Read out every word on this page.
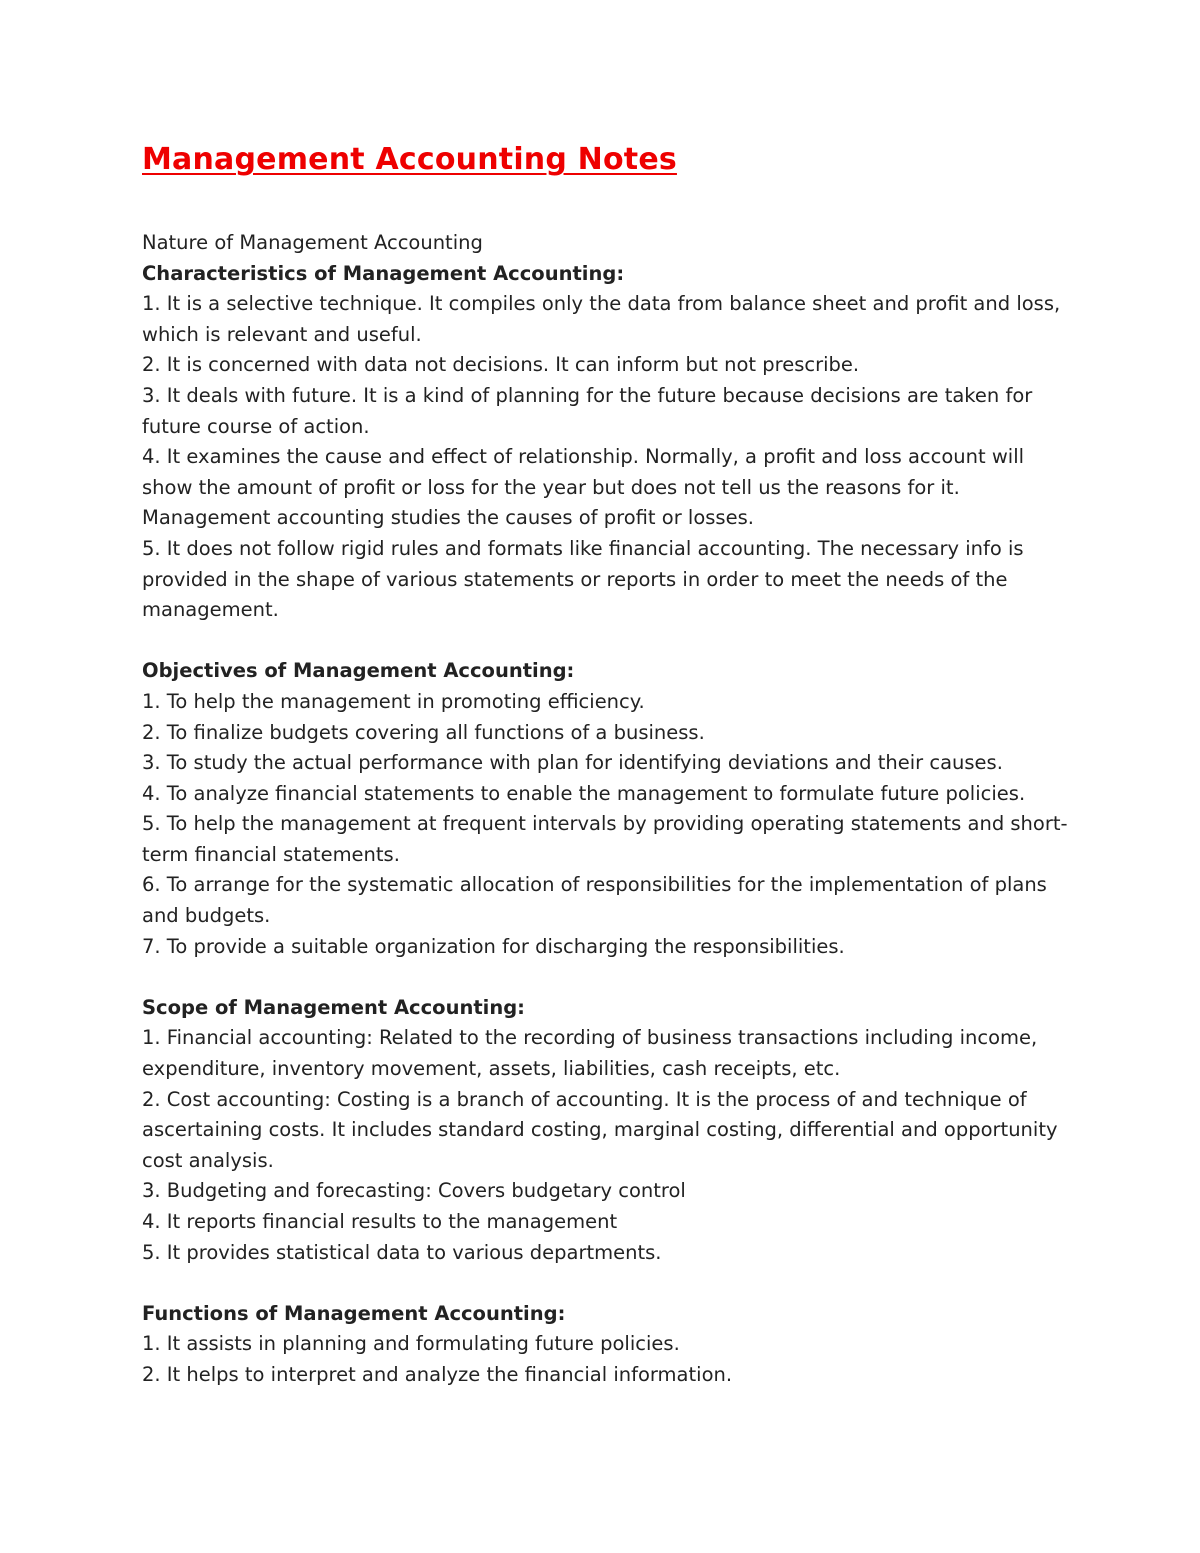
Management Accounting Notes

Nature of Management Accounting

Characteristics of Management Accounting:

1. It is a selective technique. It compiles only the data from balance sheet and profit and loss, which is relevant and useful.

2. It is concerned with data not decisions. It can inform but not prescribe.

3. It deals with future. It is a kind of planning for the future because decisions are taken for future course of action.

4. It examines the cause and effect of relationship. Normally, a profit and loss account will show the amount of profit or loss for the year but does not tell us the reasons for it. Management accounting studies the causes of profit or losses.

5. It does not follow rigid rules and formats like financial accounting. The necessary info is provided in the shape of various statements or reports in order to meet the needs of the management.

Objectives of Management Accounting:

1. To help the management in promoting efficiency.

2. To finalize budgets covering all functions of a business.

3. To study the actual performance with plan for identifying deviations and their causes.

4. To analyze financial statements to enable the management to formulate future policies.

5. To help the management at frequent intervals by providing operating statements and short-term financial statements.

6. To arrange for the systematic allocation of responsibilities for the implementation of plans and budgets.

7. To provide a suitable organization for discharging the responsibilities.

Scope of Management Accounting:

1. Financial accounting: Related to the recording of business transactions including income, expenditure, inventory movement, assets, liabilities, cash receipts, etc.

2. Cost accounting: Costing is a branch of accounting. It is the process of and technique of ascertaining costs. It includes standard costing, marginal costing, differential and opportunity cost analysis.

3. Budgeting and forecasting: Covers budgetary control

4. It reports financial results to the management

5. It provides statistical data to various departments.

Functions of Management Accounting:

1. It assists in planning and formulating future policies.

2. It helps to interpret and analyze the financial information.
